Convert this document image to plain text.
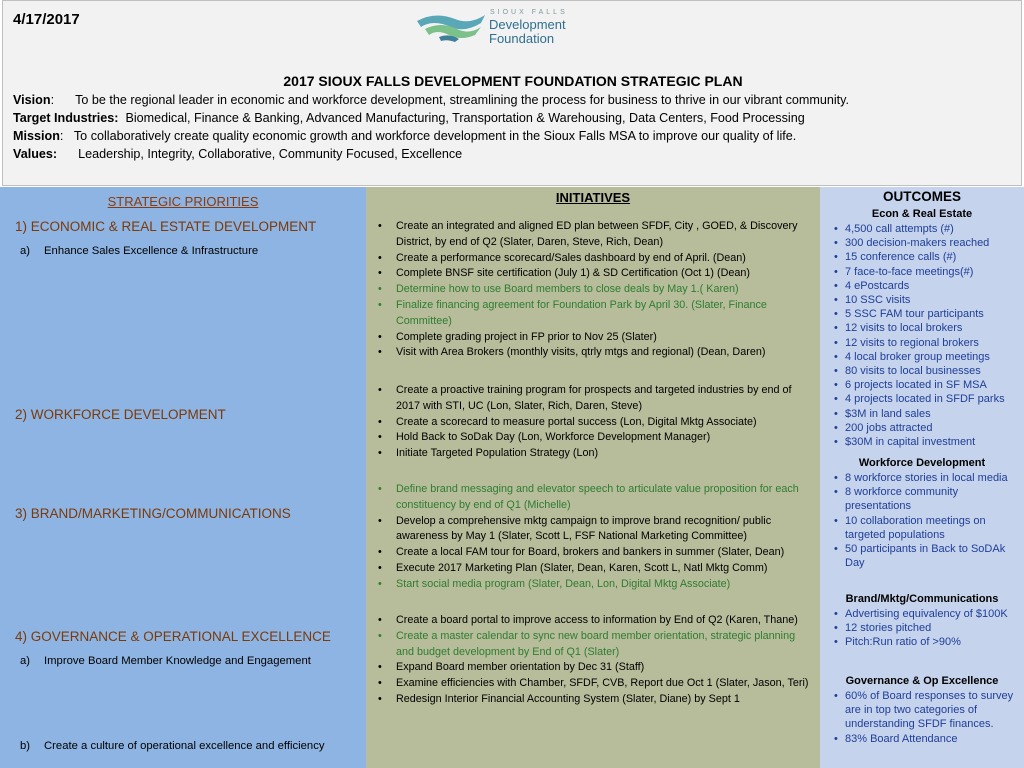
4/17/2017	SIOUX FALLS
Development
Foundation
2017 SIOUX FALLS DEVELOPMENT FOUNDATION STRATEGIC PLAN
Vision:      To be the regional leader in economic and workforce development, streamlining the process for business to thrive in our vibrant community.
Target Industries: Biomedical, Finance & Banking, Advanced Manufacturing, Transportation & Warehousing, Data Centers, Food Processing
Mission:   To collaboratively create quality economic growth and workforce development in the Sioux Falls MSA to improve our quality of life.
Values: Leadership, Integrity, Collaborative, Community Focused, Excellence
STRATEGIC PRIORITIES
1) ECONOMIC & REAL ESTATE DEVELOPMENT
a) Enhance Sales Excellence & Infrastructure
2) WORKFORCE DEVELOPMENT
3) BRAND/MARKETING/COMMUNICATIONS
4) GOVERNANCE & OPERATIONAL EXCELLENCE
a) Improve Board Member Knowledge and Engagement
b) Create a culture of operational excellence and efficiency
INITIATIVES
• Create an integrated and aligned ED plan between SFDF, City , GOED, & Discovery District, by end of Q2 (Slater, Daren, Steve, Rich, Dean)
• Create a performance scorecard/Sales dashboard by end of April. (Dean)
• Complete BNSF site certification (July 1) & SD Certification (Oct 1) (Dean)
• Determine how to use Board members to close deals by May 1.( Karen)
• Finalize financing agreement for Foundation Park by April 30. (Slater, Finance Committee)
• Complete grading project in FP prior to Nov 25 (Slater)
• Visit with Area Brokers (monthly visits, qtrly mtgs and regional) (Dean, Daren)
• Create a proactive training program for prospects and targeted industries by end of 2017 with STI, UC (Lon, Slater, Rich, Daren, Steve)
• Create a scorecard to measure portal success (Lon, Digital Mktg Associate)
• Hold Back to SoDak Day (Lon, Workforce Development Manager)
• Initiate Targeted Population Strategy (Lon)
• Define brand messaging and elevator speech to articulate value proposition for each constituency by end of Q1 (Michelle)
• Develop a comprehensive mktg campaign to improve brand recognition/ public awareness by May 1 (Slater, Scott L, FSF National Marketing Committee)
• Create a local FAM tour for Board, brokers and bankers in summer (Slater, Dean)
• Execute 2017 Marketing Plan (Slater, Dean, Karen, Scott L, Natl Mktg Comm)
• Start social media program (Slater, Dean, Lon, Digital Mktg Associate)
• Create a board portal to improve access to information by End of Q2 (Karen, Thane)
• Create a master calendar to sync new board member orientation, strategic planning and budget development by End of Q1 (Slater)
• Expand Board member orientation by Dec 31 (Staff)
• Examine efficiencies with Chamber, SFDF, CVB, Report due Oct 1 (Slater, Jason, Teri)
• Redesign Interior Financial Accounting System (Slater, Diane) by Sept 1
OUTCOMES
Econ & Real Estate
• 4,500 call attempts (#)
• 300 decision-makers reached
• 15 conference calls (#)
• 7 face-to-face meetings(#)
• 4 ePostcards
• 10 SSC visits
• 5 SSC FAM tour participants
• 12 visits to local brokers
• 12 visits to regional brokers
• 4 local broker group meetings
• 80 visits to local businesses
• 6 projects located in SF MSA
• 4 projects located in SFDF parks
• $3M in land sales
• 200 jobs attracted
• $30M in capital investment
Workforce Development
• 8 workforce stories in local media
• 8 workforce community presentations
• 10 collaboration meetings on targeted populations
• 50 participants in Back to SoDAk Day
Brand/Mktg/Communications
• Advertising equivalency of $100K
• 12 stories pitched
• Pitch:Run ratio of >90%
Governance & Op Excellence
• 60% of Board responses to survey are in top two categories of understanding SFDF finances.
• 83% Board Attendance
